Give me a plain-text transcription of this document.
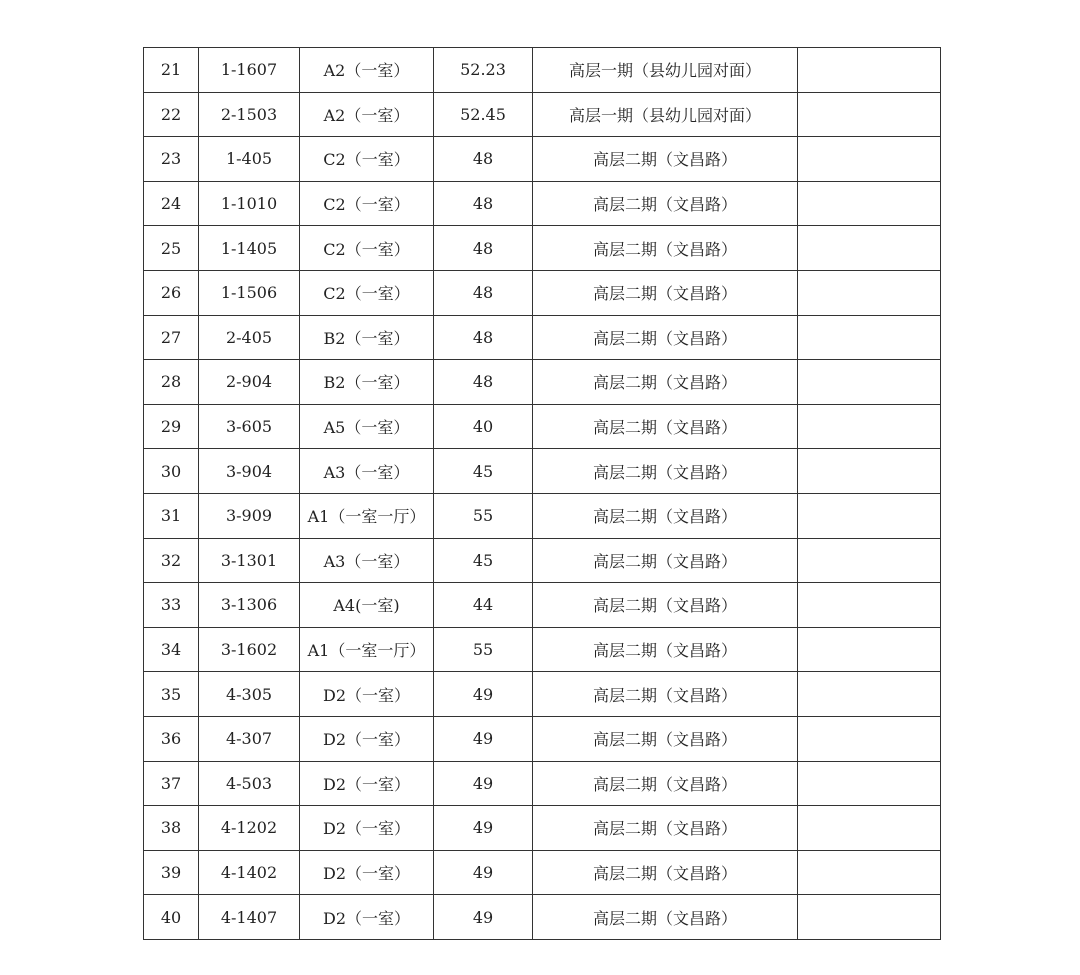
21	1-1607	A2（一室）	52.23	高层一期（县幼儿园对面）	
22	2-1503	A2（一室）	52.45	高层一期（县幼儿园对面）	
23	1-405	C2（一室）	48	高层二期（文昌路）	
24	1-1010	C2（一室）	48	高层二期（文昌路）	
25	1-1405	C2（一室）	48	高层二期（文昌路）	
26	1-1506	C2（一室）	48	高层二期（文昌路）	
27	2-405	B2（一室）	48	高层二期（文昌路）	
28	2-904	B2（一室）	48	高层二期（文昌路）	
29	3-605	A5（一室）	40	高层二期（文昌路）	
30	3-904	A3（一室）	45	高层二期（文昌路）	
31	3-909	A1（一室一厅）	55	高层二期（文昌路）	
32	3-1301	A3（一室）	45	高层二期（文昌路）	
33	3-1306	A4(一室)	44	高层二期（文昌路）	
34	3-1602	A1（一室一厅）	55	高层二期（文昌路）	
35	4-305	D2（一室）	49	高层二期（文昌路）	
36	4-307	D2（一室）	49	高层二期（文昌路）	
37	4-503	D2（一室）	49	高层二期（文昌路）	
38	4-1202	D2（一室）	49	高层二期（文昌路）	
39	4-1402	D2（一室）	49	高层二期（文昌路）	
40	4-1407	D2（一室）	49	高层二期（文昌路）	
